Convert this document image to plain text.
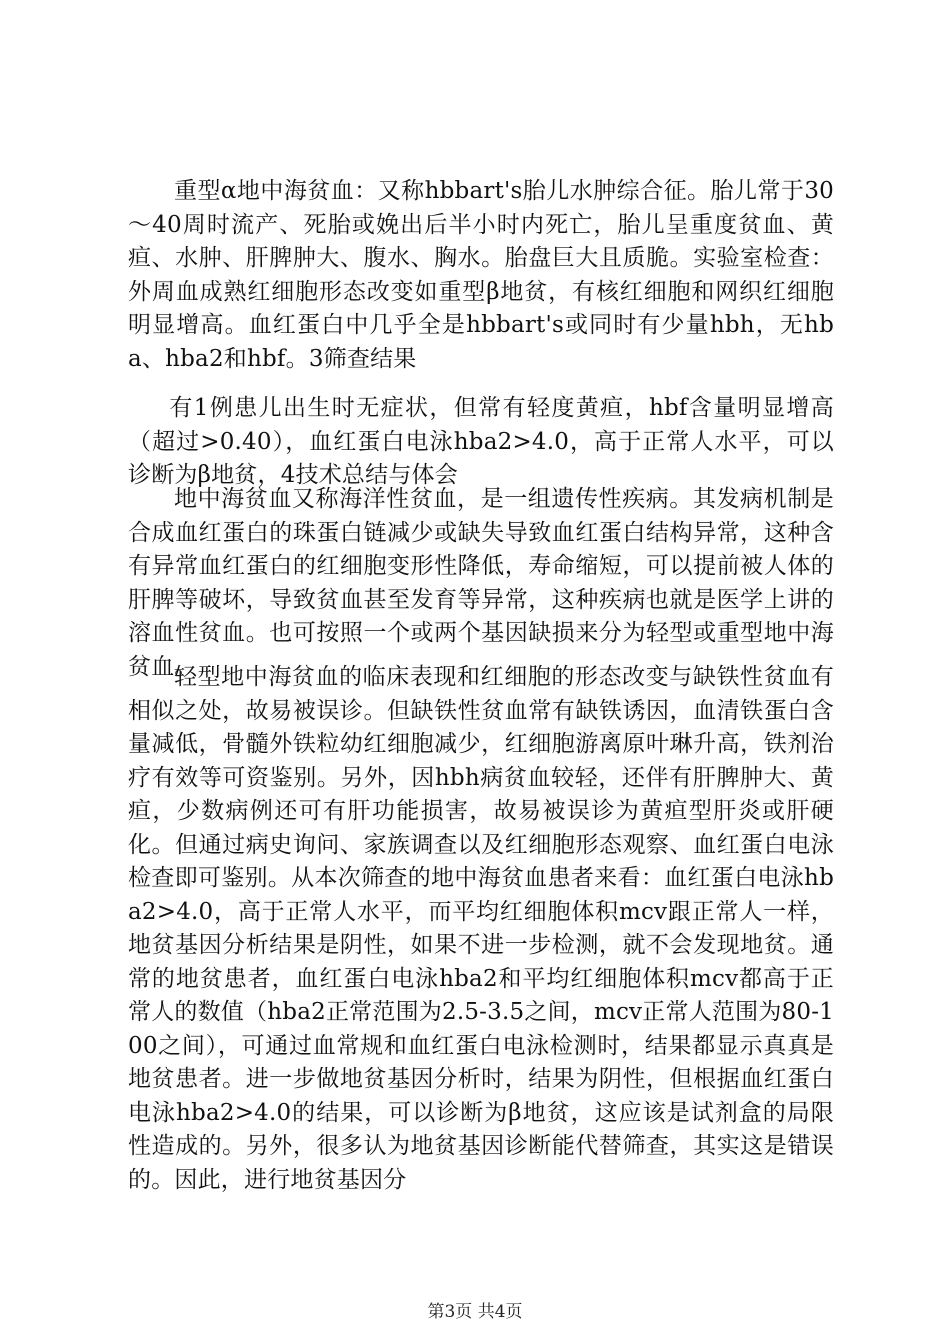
重型α地中海贫血：又称hbbart's胎儿水肿综合征。胎儿常于30～40周时流产、死胎或娩出后半小时内死亡，胎儿呈重度贫血、黄疸、水肿、肝脾肿大、腹水、胸水。胎盘巨大且质脆。实验室检查：外周血成熟红细胞形态改变如重型β地贫，有核红细胞和网织红细胞明显增高。血红蛋白中几乎全是hbbart's或同时有少量hbh，无hba、hba2和hbf。3筛查结果

有1例患儿出生时无症状，但常有轻度黄疸，hbf含量明显增高（超过>0.40），血红蛋白电泳hba2>4.0，高于正常人水平，可以诊断为β地贫，4技术总结与体会

地中海贫血又称海洋性贫血，是一组遗传性疾病。其发病机制是合成血红蛋白的珠蛋白链减少或缺失导致血红蛋白结构异常，这种含有异常血红蛋白的红细胞变形性降低，寿命缩短，可以提前被人体的肝脾等破坏，导致贫血甚至发育等异常，这种疾病也就是医学上讲的溶血性贫血。也可按照一个或两个基因缺损来分为轻型或重型地中海贫血。

轻型地中海贫血的临床表现和红细胞的形态改变与缺铁性贫血有相似之处，故易被误诊。但缺铁性贫血常有缺铁诱因，血清铁蛋白含量减低，骨髓外铁粒幼红细胞减少，红细胞游离原叶琳升高，铁剂治疗有效等可资鉴别。另外，因hbh病贫血较轻，还伴有肝脾肿大、黄疸，少数病例还可有肝功能损害，故易被误诊为黄疸型肝炎或肝硬化。但通过病史询问、家族调查以及红细胞形态观察、血红蛋白电泳检查即可鉴别。从本次筛查的地中海贫血患者来看：血红蛋白电泳hba2>4.0，高于正常人水平，而平均红细胞体积mcv跟正常人一样，地贫基因分析结果是阴性，如果不进一步检测，就不会发现地贫。通常的地贫患者，血红蛋白电泳hba2和平均红细胞体积mcv都高于正常人的数值（hba2正常范围为2.5-3.5之间，mcv正常人范围为80-100之间），可通过血常规和血红蛋白电泳检测时，结果都显示真真是地贫患者。进一步做地贫基因分析时，结果为阴性，但根据血红蛋白电泳hba2>4.0的结果，可以诊断为β地贫，这应该是试剂盒的局限性造成的。另外，很多认为地贫基因诊断能代替筛查，其实这是错误的。因此，进行地贫基因分

第3页 共4页
